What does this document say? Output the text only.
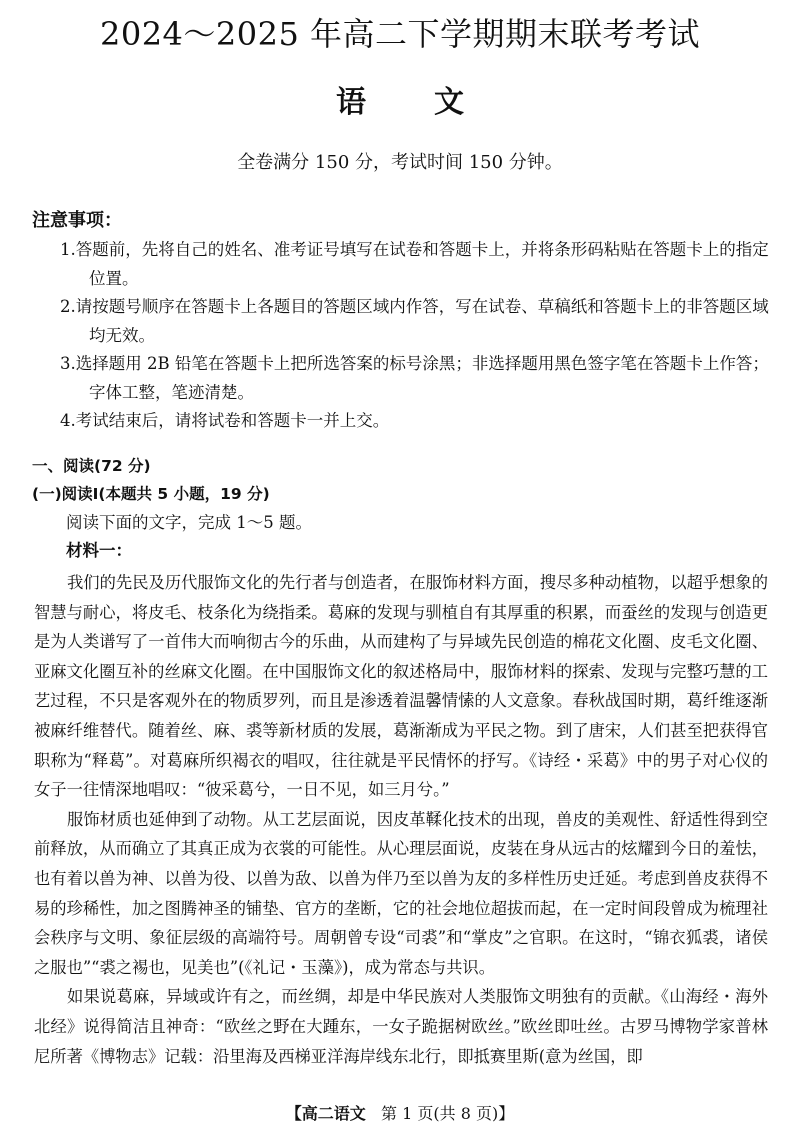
2024～2025 年高二下学期期末联考考试
语 文
全卷满分 150 分，考试时间 150 分钟。
注意事项：
1.答题前，先将自己的姓名、准考证号填写在试卷和答题卡上，并将条形码粘贴在答题卡上的指定位置。
2.请按题号顺序在答题卡上各题目的答题区域内作答，写在试卷、草稿纸和答题卡上的非答题区域均无效。
3.选择题用 2B 铅笔在答题卡上把所选答案的标号涂黑；非选择题用黑色签字笔在答题卡上作答；字体工整，笔迹清楚。
4.考试结束后，请将试卷和答题卡一并上交。
一、阅读(72 分)
(一)阅读Ⅰ(本题共 5 小题，19 分)
阅读下面的文字，完成 1～5 题。
材料一：

我们的先民及历代服饰文化的先行者与创造者，在服饰材料方面，搜尽多种动植物，以超乎想象的智慧与耐心，将皮毛、枝条化为绕指柔。葛麻的发现与驯植自有其厚重的积累，而蚕丝的发现与创造更是为人类谱写了一首伟大而响彻古今的乐曲，从而建构了与异域先民创造的棉花文化圈、皮毛文化圈、亚麻文化圈互补的丝麻文化圈。在中国服饰文化的叙述格局中，服饰材料的探索、发现与完整巧慧的工艺过程，不只是客观外在的物质罗列，而且是渗透着温馨情愫的人文意象。春秋战国时期，葛纤维逐渐被麻纤维替代。随着丝、麻、裘等新材质的发展，葛渐渐成为平民之物。到了唐宋，人们甚至把获得官职称为“释葛”。对葛麻所织褐衣的唱叹，往往就是平民情怀的抒写。《诗经・采葛》中的男子对心仪的女子一往情深地唱叹：“彼采葛兮，一日不见，如三月兮。”

服饰材质也延伸到了动物。从工艺层面说，因皮革鞣化技术的出现，兽皮的美观性、舒适性得到空前释放，从而确立了其真正成为衣裳的可能性。从心理层面说，皮装在身从远古的炫耀到今日的羞怯，也有着以兽为神、以兽为役、以兽为敌、以兽为伴乃至以兽为友的多样性历史迁延。考虑到兽皮获得不易的珍稀性，加之图腾神圣的铺垫、官方的垄断，它的社会地位超拔而起，在一定时间段曾成为梳理社会秩序与文明、象征层级的高端符号。周朝曾专设“司裘”和“掌皮”之官职。在这时，“锦衣狐裘，诸侯之服也”“裘之裼也，见美也”(《礼记・玉藻》)，成为常态与共识。

如果说葛麻，异域或许有之，而丝绸，却是中华民族对人类服饰文明独有的贡献。《山海经・海外北经》说得简洁且神奇：“欧丝之野在大踵东，一女子跪据树欧丝。”欧丝即吐丝。古罗马博物学家普林尼所著《博物志》记载：沿里海及西梯亚洋海岸线东北行，即抵赛里斯(意为丝国，即

【高二语文 第 1 页(共 8 页)】
